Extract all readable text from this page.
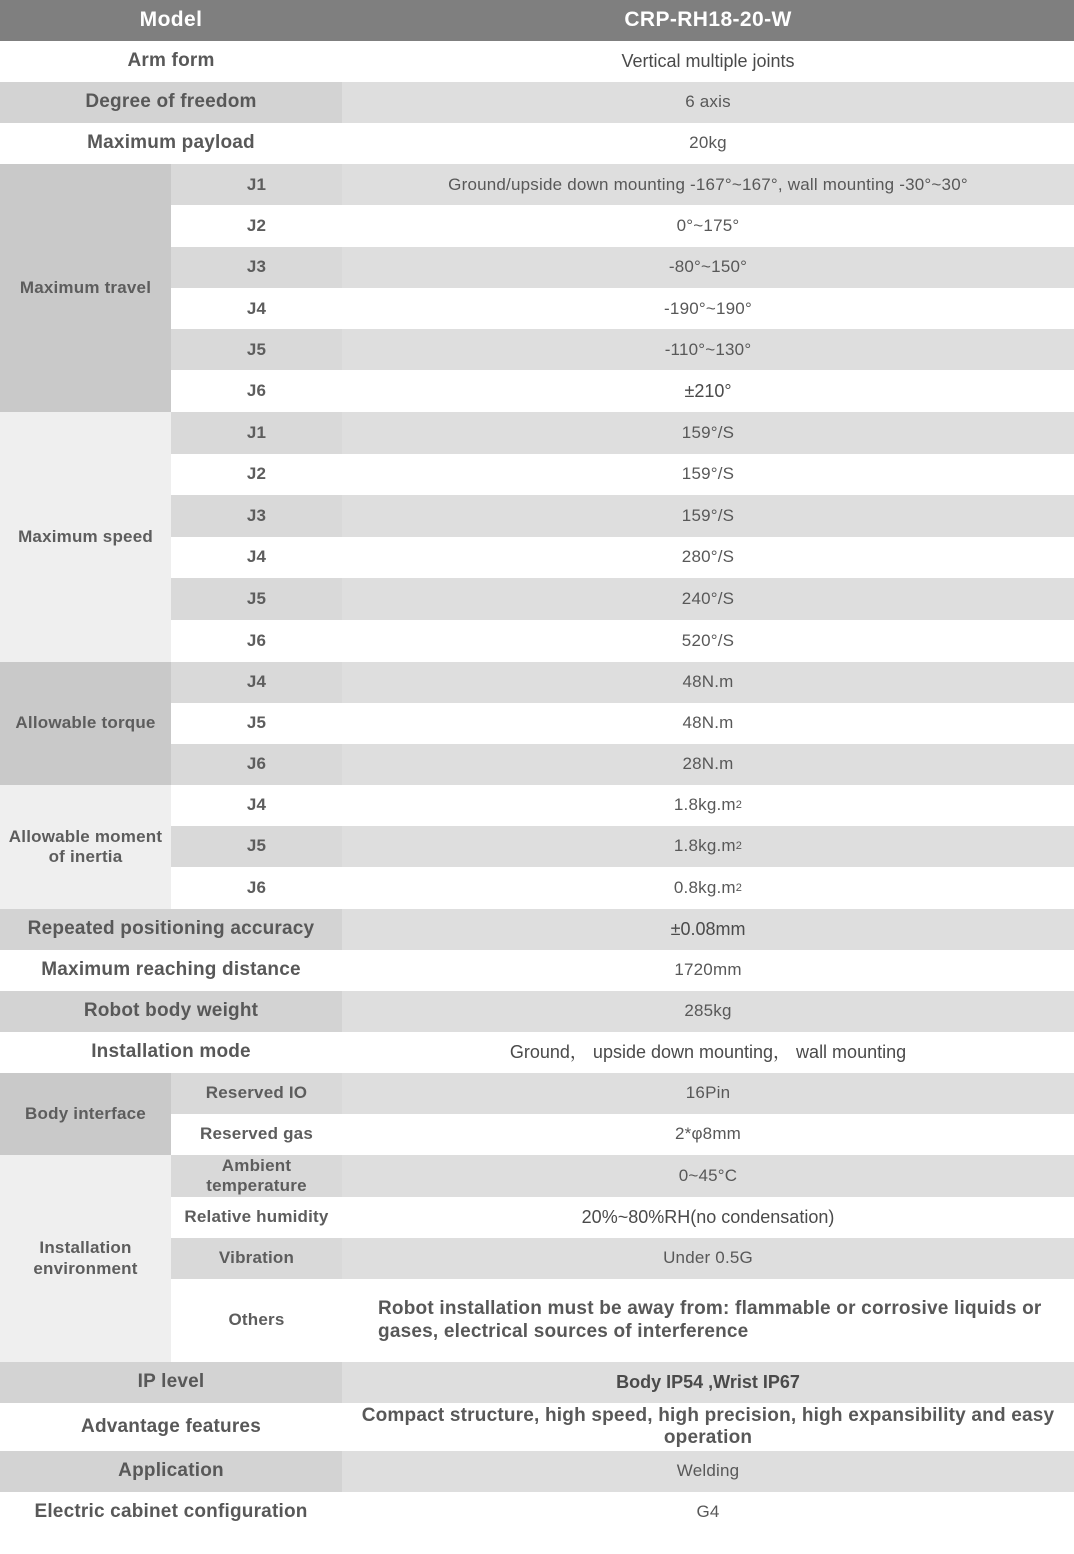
Model		CRP-RH18-20-W

Arm form		Vertical multiple joints

Degree of freedom		6 axis

Maximum payload		20kg

Maximum travel	J1	Ground/upside down mounting -167°~167°, wall mounting -30°~30°

J2	0°~175°

J3	-80°~150°

J4	-190°~190°

J5	-110°~130°

J6	±210°

Maximum speed	J1	159°/S

J2	159°/S

J3	159°/S

J4	280°/S

J5	240°/S

J6	520°/S

Allowable torque	J4	48N.m

J5	48N.m

J6	28N.m

Allowable moment of inertia	J4	1.8kg.m 2

J5	1.8kg.m 2

J6	0.8kg.m 2

Repeated positioning accuracy		±0.08mm

Maximum reaching distance		1720mm

Robot body weight		285kg

Installation mode		Ground， upside down mounting， wall mounting

Body interface	Reserved IO	16Pin

Reserved gas	2*φ8mm

Installation environment	Ambient temperature	0~45°C

Relative humidity	20%~80%RH(no condensation)

Vibration	Under 0.5G

Others	Robot installation must be away from: flammable or corrosive liquids or gases, electrical sources of interference

IP level		Body IP54 ,Wrist IP67

Advantage features		Compact structure, high speed, high precision, high expansibility and easy operation

Application		Welding

Electric cabinet configuration		G4
